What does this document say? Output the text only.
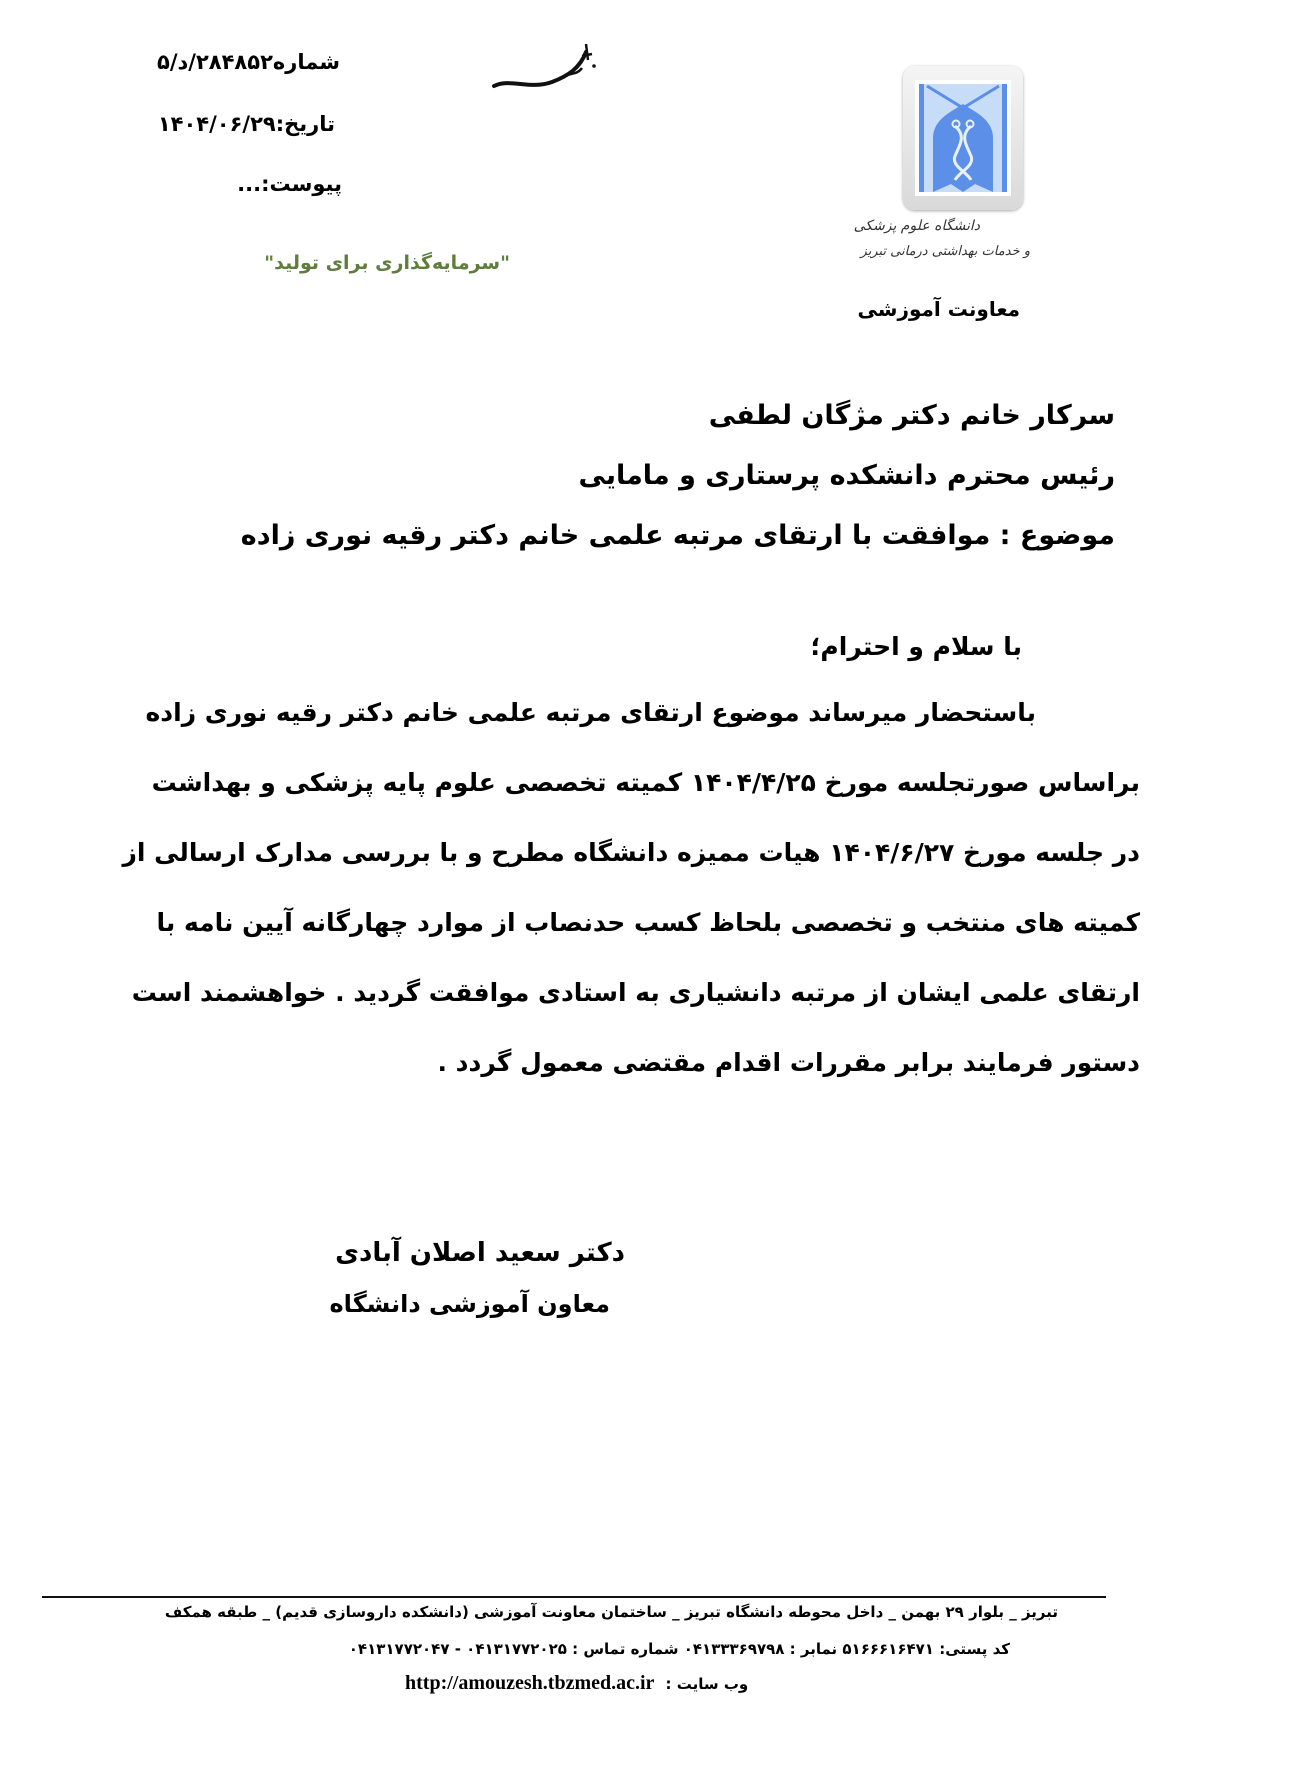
شماره۲۸۴۸۵۲/د/۵
تاریخ:۱۴۰۴/۰۶/۲۹
پیوست:...
"سرمایه‌گذاری برای تولید"
دانشگاه علوم پزشکی
و خدمات بهداشتی درمانی تبریز
معاونت آموزشی
سرکار خانم دکتر مژگان لطفی
رئیس محترم دانشکده پرستاری و مامایی
موضوع : موافقت با ارتقای مرتبه علمی خانم دکتر رقیه نوری زاده
با سلام و احترام؛
باستحضار میرساند موضوع ارتقای مرتبه علمی خانم دکتر رقیه نوری زاده
براساس صورتجلسه مورخ ۱۴۰۴/۴/۲۵ کمیته تخصصی علوم پایه پزشکی و بهداشت
در جلسه مورخ ۱۴۰۴/۶/۲۷ هیات ممیزه دانشگاه مطرح و با بررسی مدارک ارسالی از
کمیته های منتخب و تخصصی بلحاظ کسب حدنصاب از موارد چهارگانه آیین نامه با
ارتقای علمی ایشان از مرتبه دانشیاری به استادی موافقت گردید . خواهشمند است
دستور فرمایند برابر مقررات اقدام مقتضی معمول گردد .
دکتر سعید اصلان آبادی
معاون آموزشی دانشگاه
تبریز _ بلوار ۲۹ بهمن _ داخل محوطه دانشگاه تبریز _ ساختمان معاونت آموزشی (دانشکده داروسازی قدیم) _ طبقه همکف
کد پستی: ۵۱۶۶۶۱۶۴۷۱ نمابر : ۰۴۱۳۳۳۶۹۷۹۸ شماره تماس : ۰۴۱۳۱۷۷۲۰۲۵ - ۰۴۱۳۱۷۷۲۰۴۷
http://amouzesh.tbzmed.ac.ir وب سایت :
